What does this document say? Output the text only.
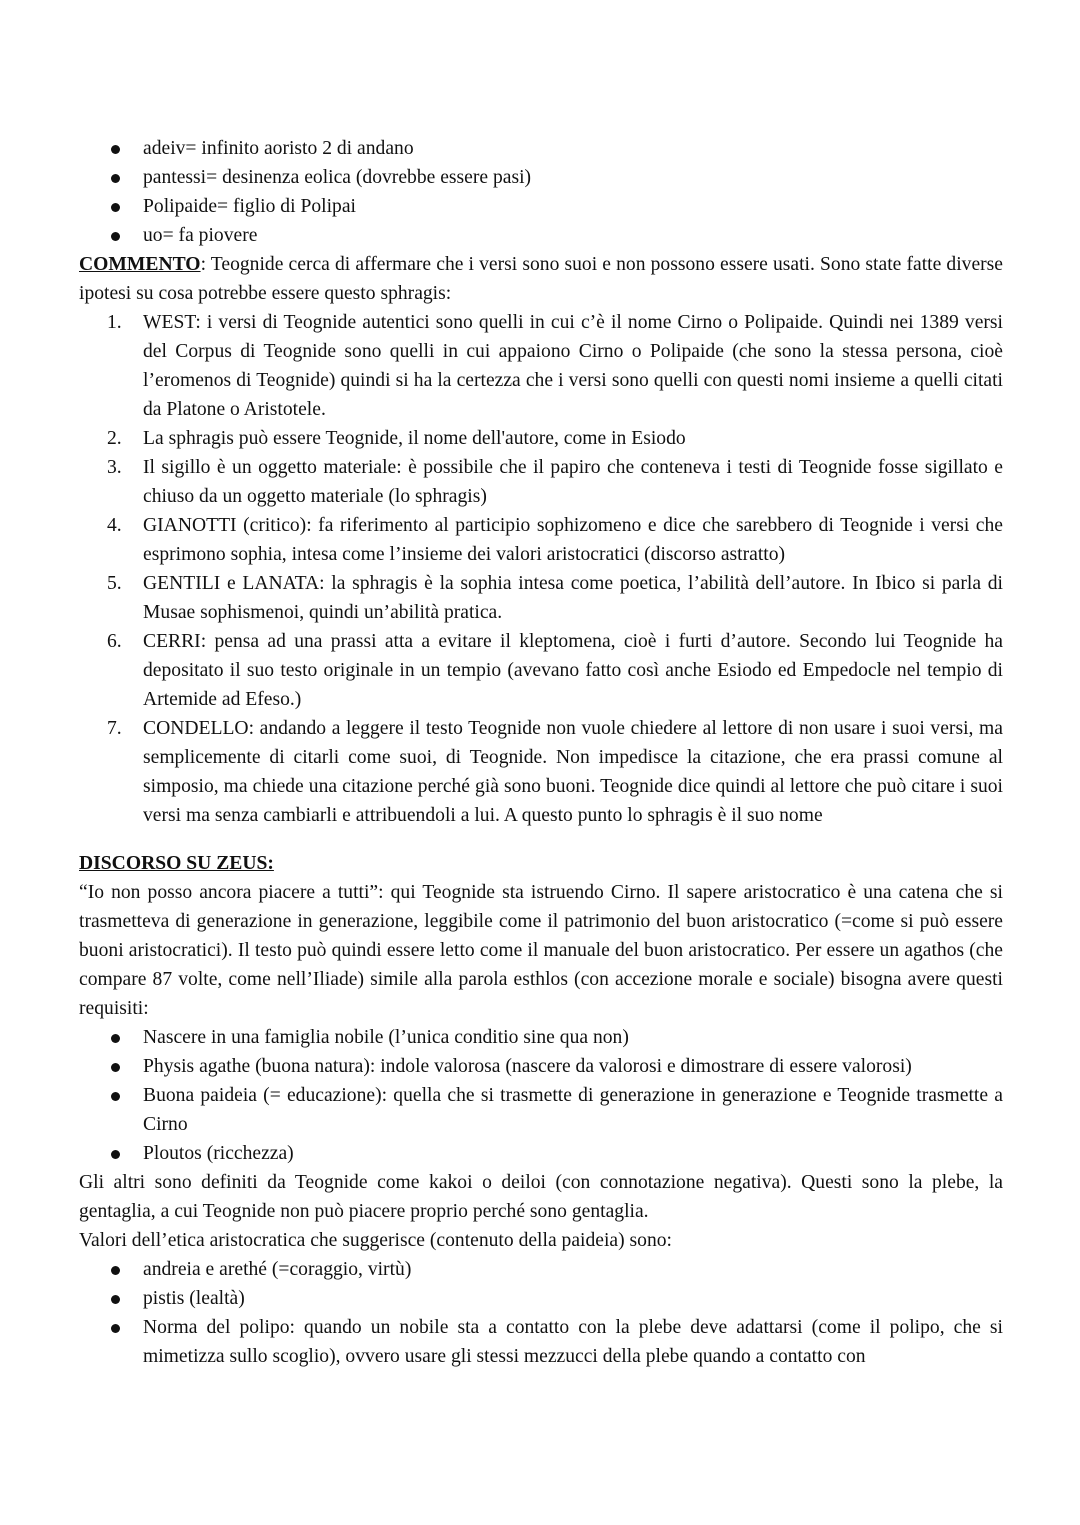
adeiv= infinito aoristo 2 di andano
pantessi= desinenza eolica (dovrebbe essere pasi)
Polipaide= figlio di Polipai
uo= fa piovere

COMMENTO: Teognide cerca di affermare che i versi sono suoi e non possono essere usati. Sono state fatte diverse ipotesi su cosa potrebbe essere questo sphragis:

1.	WEST: i versi di Teognide autentici sono quelli in cui c’è il nome Cirno o Polipaide. Quindi nei 1389 versi del Corpus di Teognide sono quelli in cui appaiono Cirno o Polipaide (che sono la stessa persona, cioè l’eromenos di Teognide) quindi si ha la certezza che i versi sono quelli con questi nomi insieme a quelli citati da Platone o Aristotele.
2.	La sphragis può essere Teognide, il nome dell'autore, come in Esiodo
3.	Il sigillo è un oggetto materiale: è possibile che il papiro che conteneva i testi di Teognide fosse sigillato e chiuso da un oggetto materiale (lo sphragis)
4.	GIANOTTI (critico): fa riferimento al participio sophizomeno e dice che sarebbero di Teognide i versi che esprimono sophia, intesa come l’insieme dei valori aristocratici (discorso astratto)
5.	GENTILI e LANATA: la sphragis è la sophia intesa come poetica, l’abilità dell’autore. In Ibico si parla di Musae sophismenoi, quindi un’abilità pratica.
6.	CERRI: pensa ad una prassi atta a evitare il kleptomena, cioè i furti d’autore. Secondo lui Teognide ha depositato il suo testo originale in un tempio (avevano fatto così anche Esiodo ed Empedocle nel tempio di Artemide ad Efeso.)
7.	CONDELLO: andando a leggere il testo Teognide non vuole chiedere al lettore di non usare i suoi versi, ma semplicemente di citarli come suoi, di Teognide. Non impedisce la citazione, che era prassi comune al simposio, ma chiede una citazione perché già sono buoni. Teognide dice quindi al lettore che può citare i suoi versi ma senza cambiarli e attribuendoli a lui. A questo punto lo sphragis è il suo nome

DISCORSO SU ZEUS:

“Io non posso ancora piacere a tutti”: qui Teognide sta istruendo Cirno. Il sapere aristocratico è una catena che si trasmetteva di generazione in generazione, leggibile come il patrimonio del buon aristocratico (=come si può essere buoni aristocratici). Il testo può quindi essere letto come il manuale del buon aristocratico. Per essere un agathos (che compare 87 volte, come nell’Iliade) simile alla parola esthlos (con accezione morale e sociale) bisogna avere questi requisiti:

Nascere in una famiglia nobile (l’unica conditio sine qua non)
Physis agathe (buona natura): indole valorosa (nascere da valorosi e dimostrare di essere valorosi)
Buona paideia (= educazione): quella che si trasmette di generazione in generazione e Teognide trasmette a Cirno
Ploutos (ricchezza)

Gli altri sono definiti da Teognide come kakoi o deiloi (con connotazione negativa). Questi sono la plebe, la gentaglia, a cui Teognide non può piacere proprio perché sono gentaglia.

Valori dell’etica aristocratica che suggerisce (contenuto della paideia) sono:

andreia e arethé (=coraggio, virtù)
pistis (lealtà)
Norma del polipo: quando un nobile sta a contatto con la plebe deve adattarsi (come il polipo, che si mimetizza sullo scoglio), ovvero usare gli stessi mezzucci della plebe quando a contatto con
